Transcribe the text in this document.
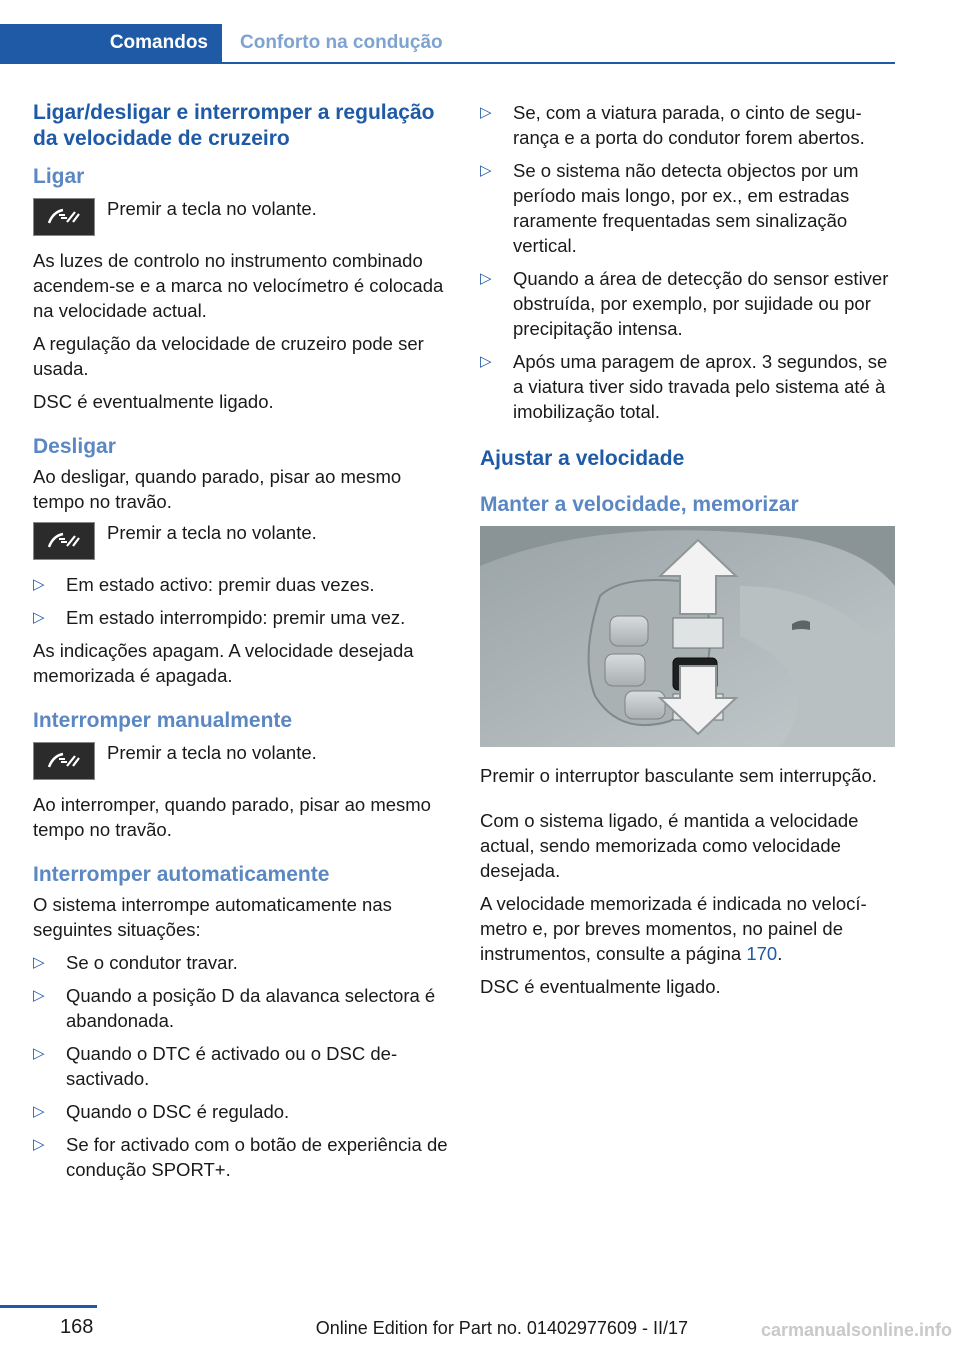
Comandos	Conforto na condução
Ligar/desligar e interromper a regulação da velocidade de cruzeiro
Ligar
Premir a tecla no volante.

As luzes de controlo no instrumento combinado acendem-se e a marca no velocímetro é colocada na velocidade actual.

A regulação da velocidade de cruzeiro pode ser usada.

DSC é eventualmente ligado.

Desligar

Ao desligar, quando parado, pisar ao mesmo tempo no travão.

Premir a tecla no volante.
▷ Em estado activo: premir duas vezes.
▷ Em estado interrompido: premir uma vez.

As indicações apagam. A velocidade desejada memorizada é apagada.

Interromper manualmente
Premir a tecla no volante.

Ao interromper, quando parado, pisar ao mesmo tempo no travão.

Interromper automaticamente

O sistema interrompe automaticamente nas seguintes situações:

▷ Se o condutor travar.
▷ Quando a posição D da alavanca selectora é abandonada.
▷ Quando o DTC é activado ou o DSC desactivado.
▷ Quando o DSC é regulado.
▷ Se for activado com o botão de experiência de condução SPORT+.
▷ Se, com a viatura parada, o cinto de segurança e a porta do condutor forem abertos.
▷ Se o sistema não detecta objectos por um período mais longo, por ex., em estradas raramente frequentadas sem sinalização vertical.
▷ Quando a área de detecção do sensor estiver obstruída, por exemplo, por sujidade ou por precipitação intensa.
▷ Após uma paragem de aprox. 3 segundos, se a viatura tiver sido travada pelo sistema até à imobilização total.
Ajustar a velocidade
Manter a velocidade, memorizar

Premir o interruptor basculante sem interrupção.

Com o sistema ligado, é mantida a velocidade actual, sendo memorizada como velocidade desejada.

A velocidade memorizada é indicada no velocímetro e, por breves momentos, no painel de instrumentos, consulte a página 170.

DSC é eventualmente ligado.

168	Online Edition for Part no. 01402977609 - II/17	carmanualsonline.info
